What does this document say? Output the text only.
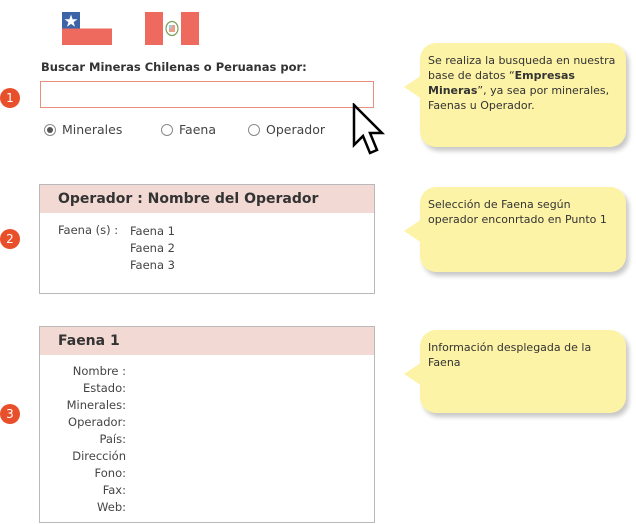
Buscar Mineras Chilenas o Peruanas por:
1
Minerales	Faena	Operador
Se realiza la busqueda en nuestra base de datos “Empresas Mineras”, ya sea por minerales, Faenas u Operador.
2
Operador : Nombre del Operador
Faena (s) : Faena 1
Faena 2
Faena 3
Selección de Faena según operador enconrtado en Punto 1
3
Faena 1
Nombre :
Estado:
Minerales:
Operador:
País:
Dirección
Fono:
Fax:
Web:
Información desplegada de la Faena
